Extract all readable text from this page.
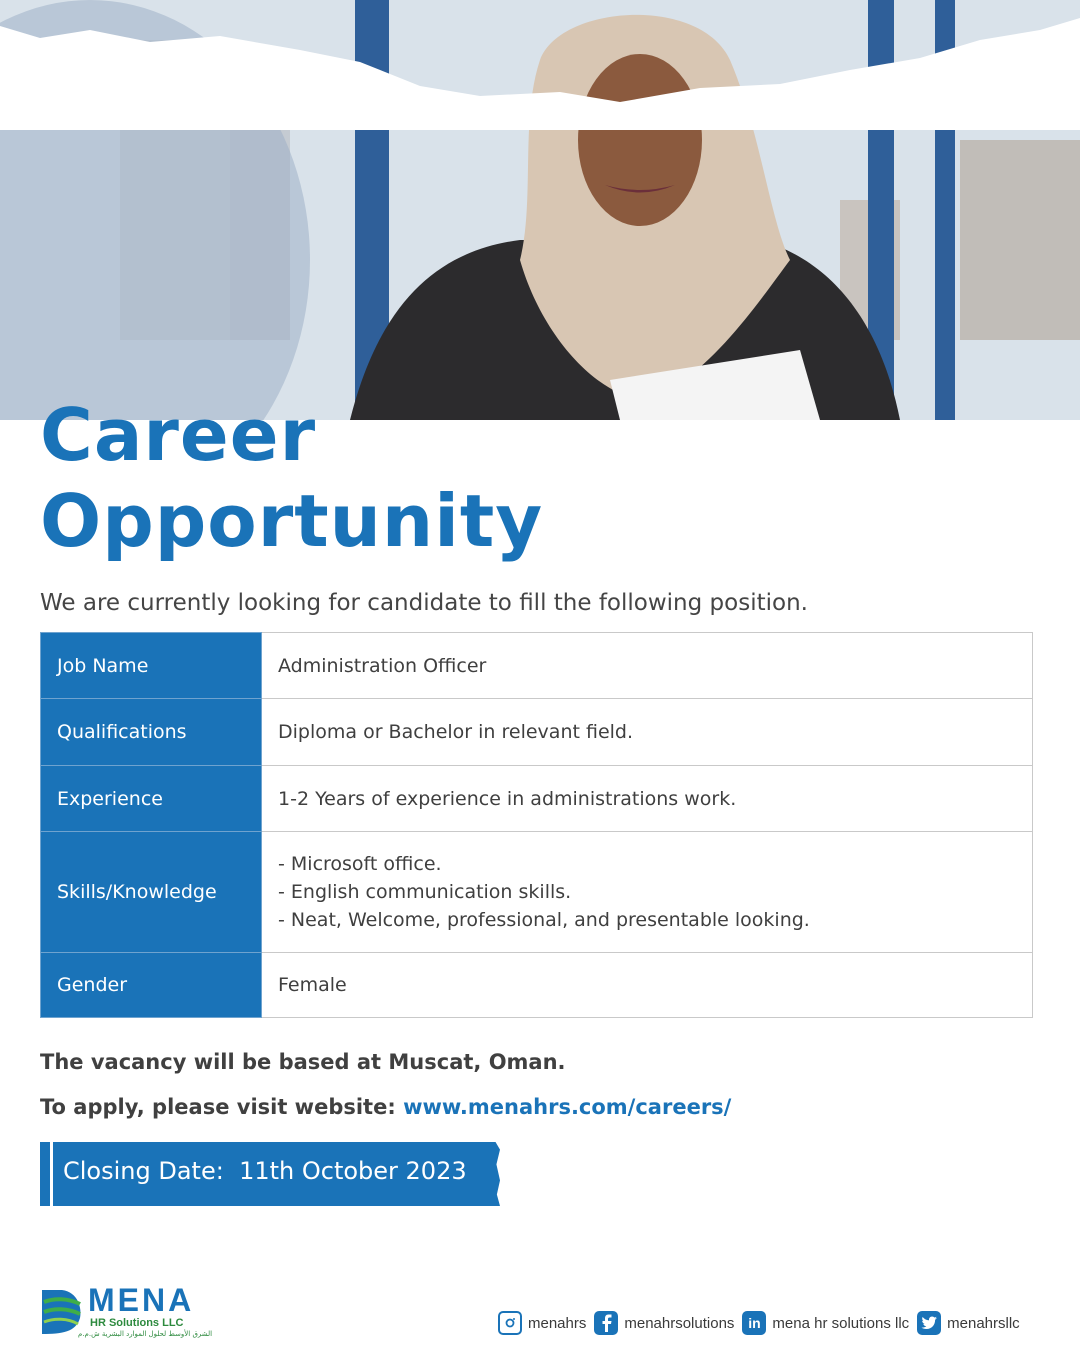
Career
Opportunity
We are currently looking for candidate to fill the following position.
Job Name	Administration Officer
Qualifications	Diploma or Bachelor in relevant field.
Experience	1-2 Years of experience in administrations work.
Skills/Knowledge	- Microsoft office.
- English communication skills.
- Neat, Welcome, professional, and presentable looking.

Gender	Female
The vacancy will be based at Muscat, Oman.
To apply, please visit website: www.menahrs.com/careers/
Closing Date:  11th October 2023
MENA
HR Solutions LLC
الشرق الأوسط لحلول الموارد البشرية ش.م.م
menahrs	menahrsolutions in mena hr solutions llc	menahrsllc
